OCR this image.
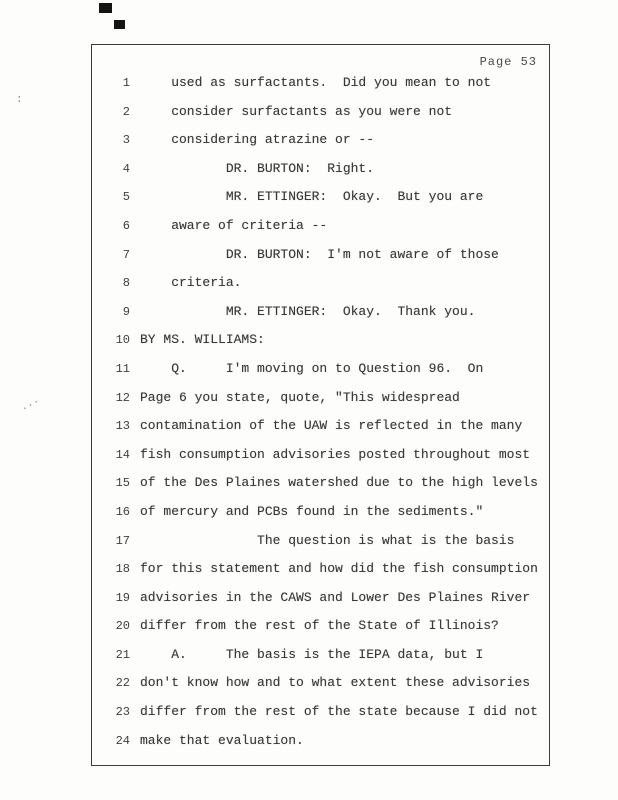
:
...
Page 53
1 used as surfactants.  Did you mean to not
2 consider surfactants as you were not
3 considering atrazine or --
4 DR. BURTON:  Right.
5 MR. ETTINGER:  Okay.  But you are
6 aware of criteria --
7 DR. BURTON:  I'm not aware of those
8 criteria.
9 MR. ETTINGER:  Okay.  Thank you.
10 BY MS. WILLIAMS:
11 Q.     I'm moving on to Question 96.  On
12 Page 6 you state, quote, "This widespread
13 contamination of the UAW is reflected in the many
14 fish consumption advisories posted throughout most
15 of the Des Plaines watershed due to the high levels
16 of mercury and PCBs found in the sediments."
17 The question is what is the basis
18 for this statement and how did the fish consumption
19 advisories in the CAWS and Lower Des Plaines River
20 differ from the rest of the State of Illinois?
21 A.     The basis is the IEPA data, but I
22 don't know how and to what extent these advisories
23 differ from the rest of the state because I did not
24 make that evaluation.
